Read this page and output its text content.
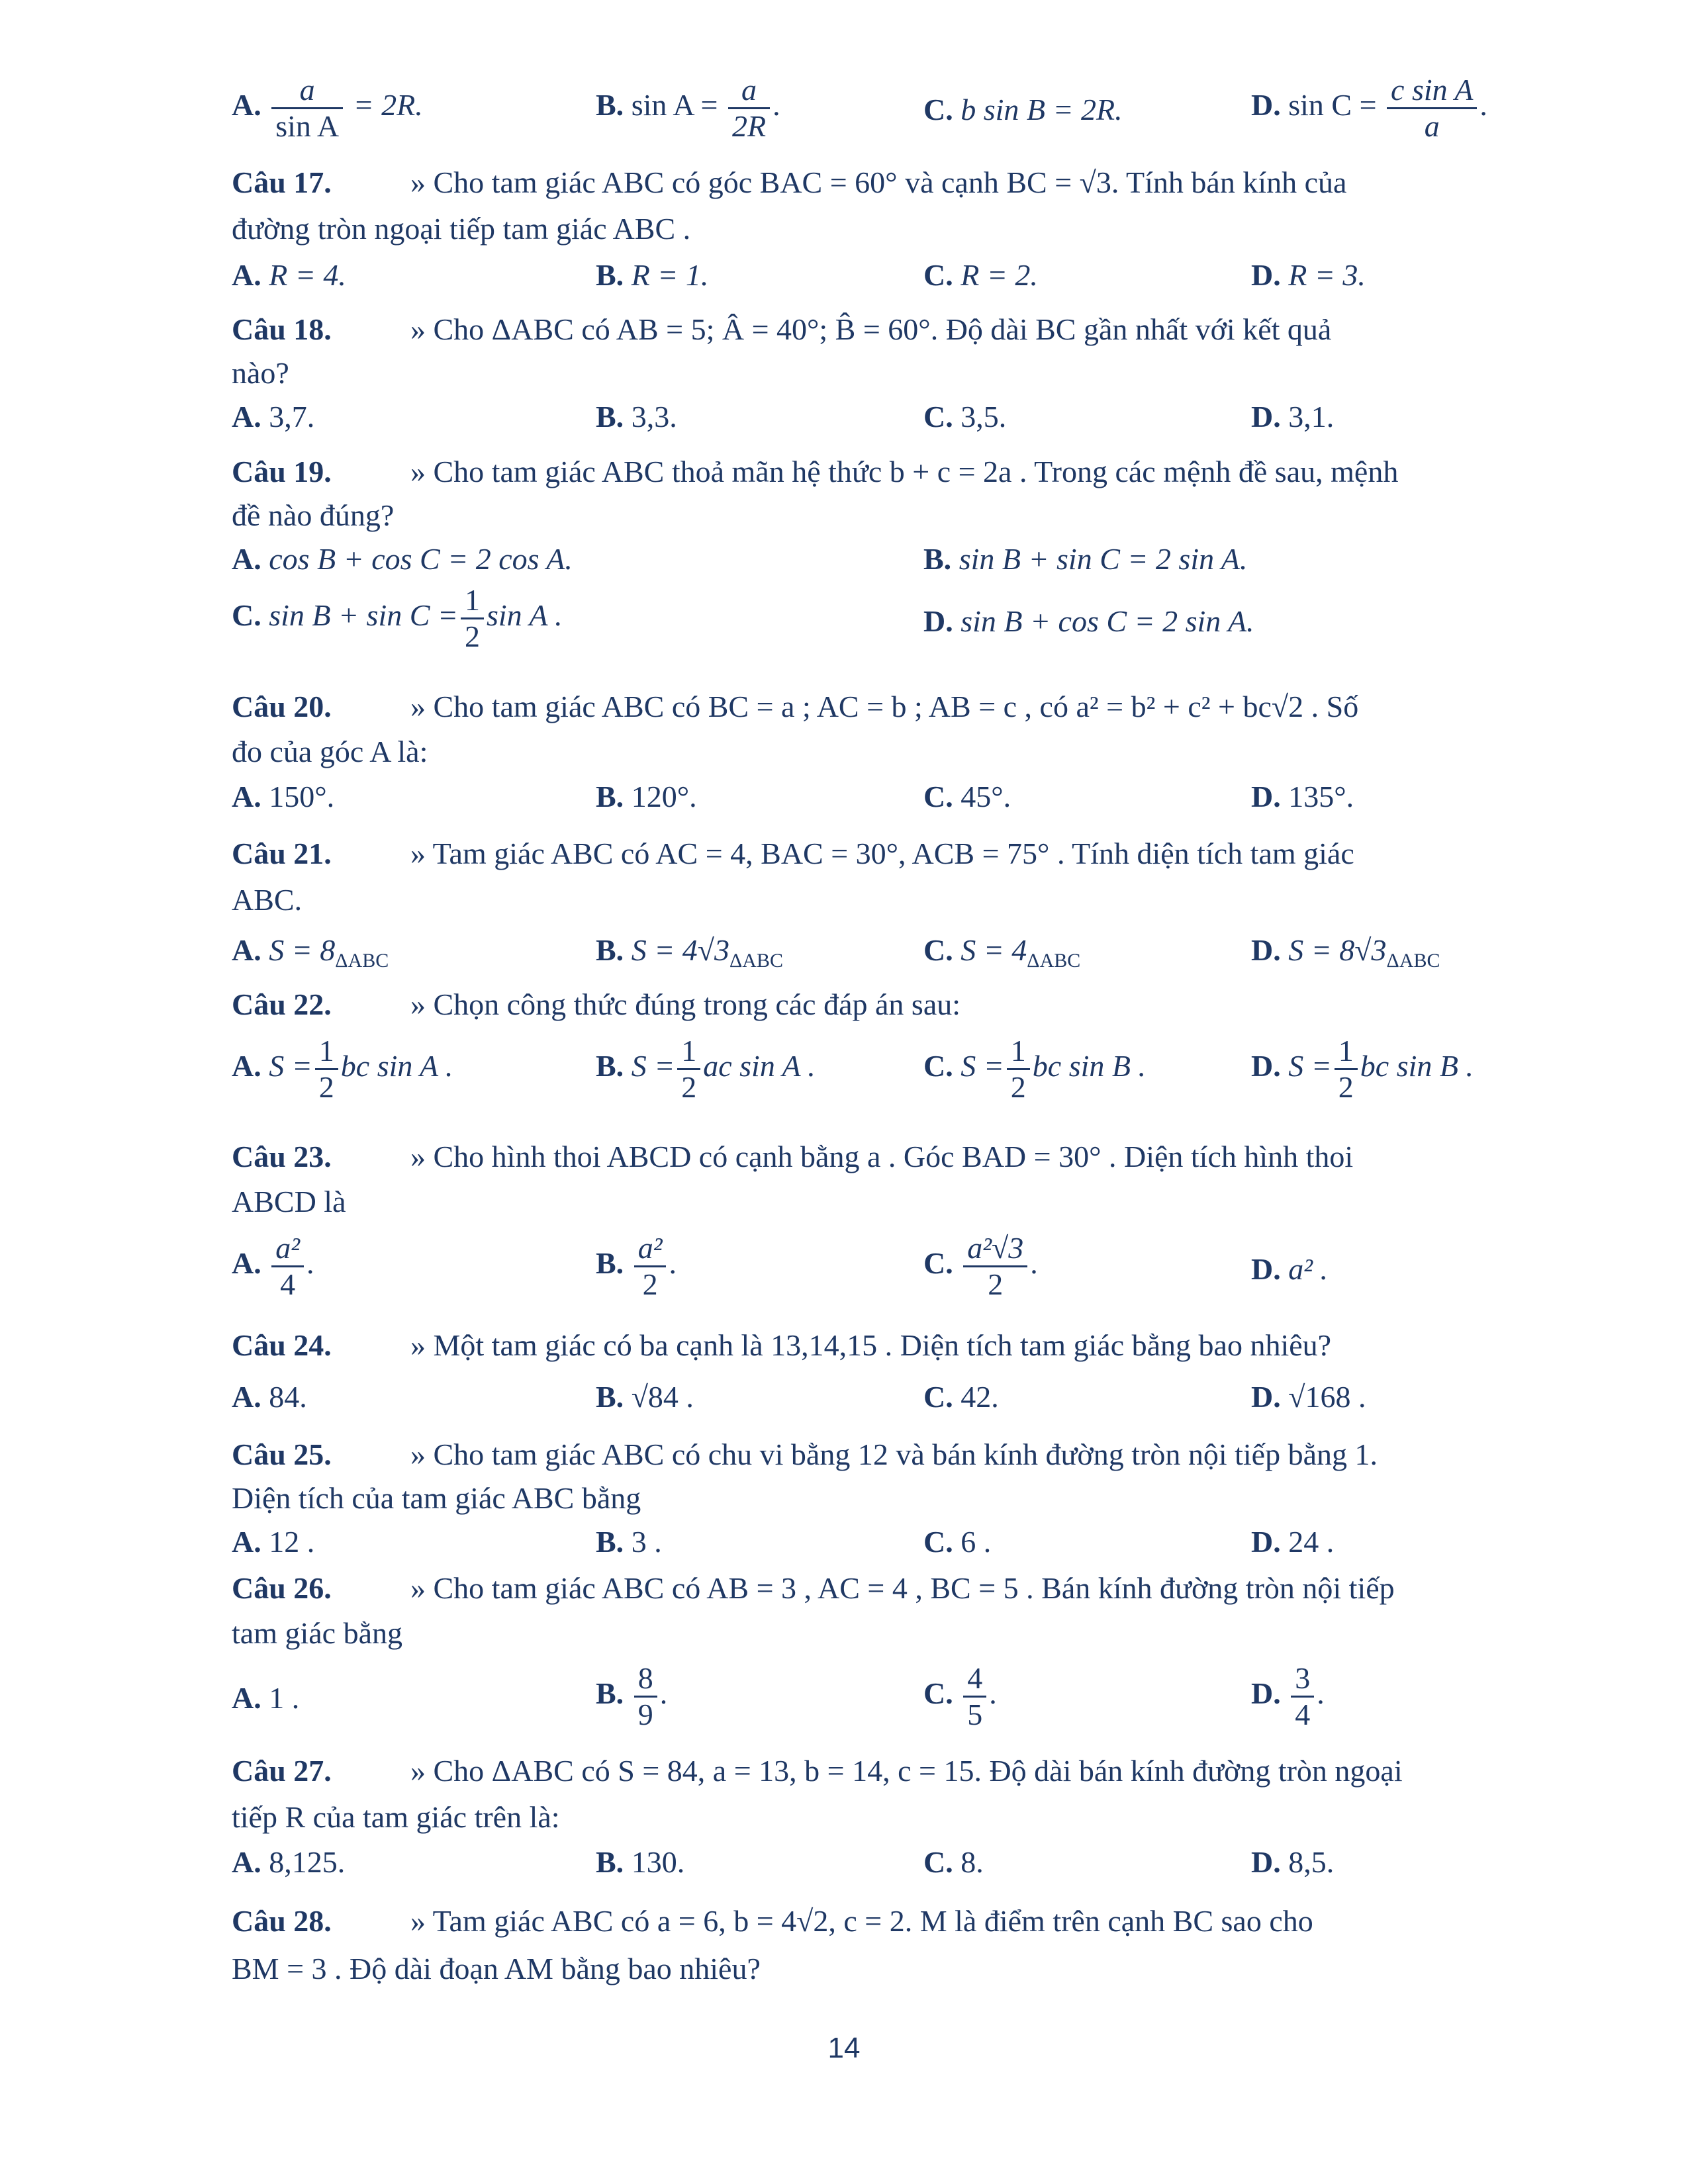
A. $\frac{a}{\text{sin A}} = 2R$.	B. $\sin A = \frac{a}{2R}$ .	C. b sin B = 2R.	D. $\sin C = \frac{\text{c sin A}}{a}$ .
Câu 17.	» Cho tam giác ABC có góc BAC = 60° và cạnh BC = √3. Tính bán kính của
đường tròn ngoại tiếp tam giác ABC .
A. R = 4.	B. R = 1.	C. R = 2.	D. R = 3.
Câu 18.	» Cho ΔABC có AB = 5; Â = 40°; B̂ = 60°. Độ dài BC gần nhất với kết quả
nào?
A. 3,7.	B. 3,3.	C. 3,5.	D. 3,1.
Câu 19.	» Cho tam giác ABC thoả mãn hệ thức b + c = 2a . Trong các mệnh đề sau, mệnh
đề nào đúng?
A. cos B + cos C = 2 cos A.	B. sin B + sin C = 2 sin A.
C. $\sin B + \sin C = \frac{1}{2}$ sin A .	D. sin B + cos C = 2 sin A.
Câu 20.	» Cho tam giác ABC có BC = a ; AC = b ; AB = c , có a² = b² + c² + bc√2 . Số
đo của góc A là:
A. 150°.	B. 120°.	C. 45°.	D. 135°.
Câu 21.	» Tam giác ABC có AC = 4, BAC = 30°, ACB = 75° . Tính diện tích tam giác
ABC.
A. $S = 8_{\Delta ABC}$	B. $S = 4√3_{\Delta ABC}$	C. $S = 4_{\Delta ABC}$	D. $S = 8√3_{\Delta ABC}$
Câu 22.	» Chọn công thức đúng trong các đáp án sau:
A. $S = \frac{1}{2}$ bc sin A .	B. $S = \frac{1}{2}$ ac sin A .	C. $S = \frac{1}{2}$ bc sin B .	D. $S = \frac{1}{2}$ bc sin B .
Câu 23.	» Cho hình thoi ABCD có cạnh bằng a . Góc BAD = 30° . Diện tích hình thoi
ABCD là
A. $\frac{\text{a²}}{4}$ .	B. $\frac{\text{a²}}{2}$ .	C. $\frac{\text{a²√3}}{2}$ .	D. a² .
Câu 24.	» Một tam giác có ba cạnh là 13,14,15 . Diện tích tam giác bằng bao nhiêu?
A. 84.	B. √84 .	C. 42.	D. √168 .
Câu 25.	» Cho tam giác ABC có chu vi bằng 12 và bán kính đường tròn nội tiếp bằng 1.
Diện tích của tam giác ABC bằng
A. 12 .	B. 3 .	C. 6 .	D. 24 .
Câu 26.	» Cho tam giác ABC có AB = 3 , AC = 4 , BC = 5 . Bán kính đường tròn nội tiếp
tam giác bằng
A. 1 .	B. $\frac{8}{9}$ .	C. $\frac{4}{5}$ .	D. $\frac{3}{4}$ .
Câu 27.	» Cho ΔABC có S = 84, a = 13, b = 14, c = 15. Độ dài bán kính đường tròn ngoại
tiếp R của tam giác trên là:
A. 8,125.	B. 130.	C. 8.	D. 8,5.
Câu 28.	» Tam giác ABC có a = 6, b = 4√2, c = 2. M là điểm trên cạnh BC sao cho
BM = 3 . Độ dài đoạn AM bằng bao nhiêu?
14
